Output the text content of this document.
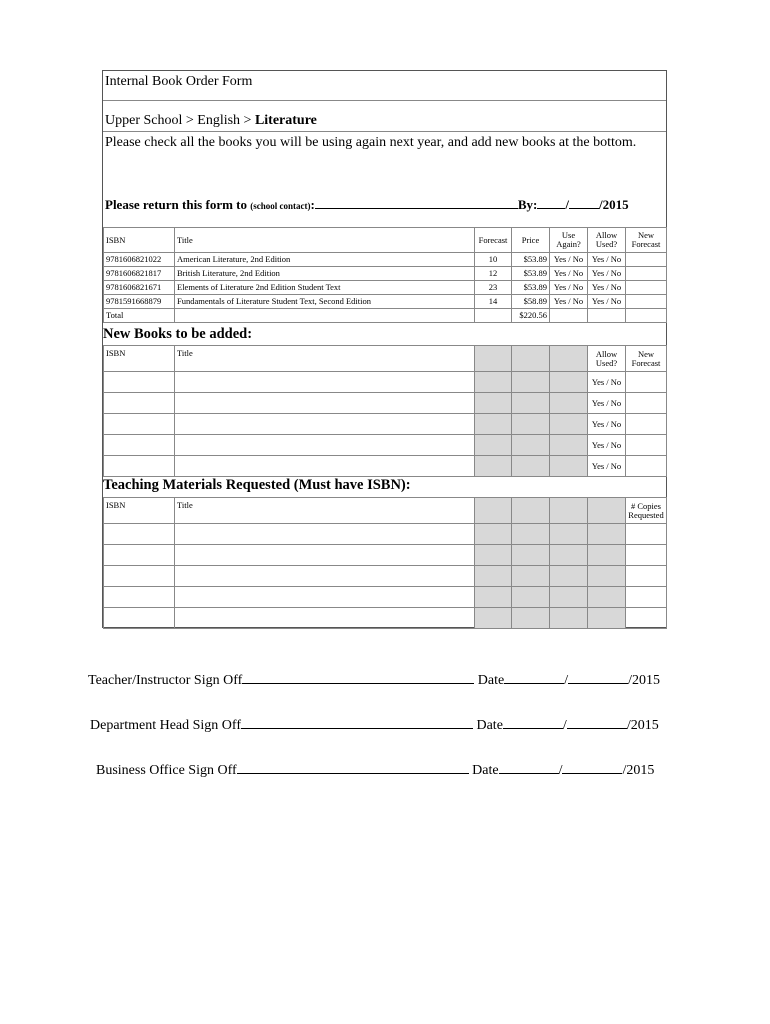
Internal Book Order Form
Upper School > English > Literature
Please check all the books you will be using again next year, and add new books at the bottom.
Please return this form to (school contact):	By: / /2015
ISBN	Title	Forecast	Price	Use Again?	Allow Used?	New Forecast
9781606821022	American Literature, 2nd Edition	10	$53.89	Yes / No	Yes / No	
9781606821817	British Literature, 2nd Edition	12	$53.89	Yes / No	Yes / No	
9781606821671	Elements of Literature 2nd Edition Student Text	23	$53.89	Yes / No	Yes / No	
9781591668879	Fundamentals of Literature Student Text, Second Edition	14	$58.89	Yes / No	Yes / No	
Total			$220.56			
New Books to be added:
ISBN	Title				Allow Used?	New Forecast
					Yes / No	
					Yes / No	
					Yes / No	
					Yes / No	
					Yes / No	
Teaching Materials Requested (Must have ISBN):
ISBN	Title					# Copies Requested

Teacher/Instructor Sign Off	Date	/	/2015
Department Head Sign Off	Date	/	/2015
Business Office Sign Off	Date	/	/2015
